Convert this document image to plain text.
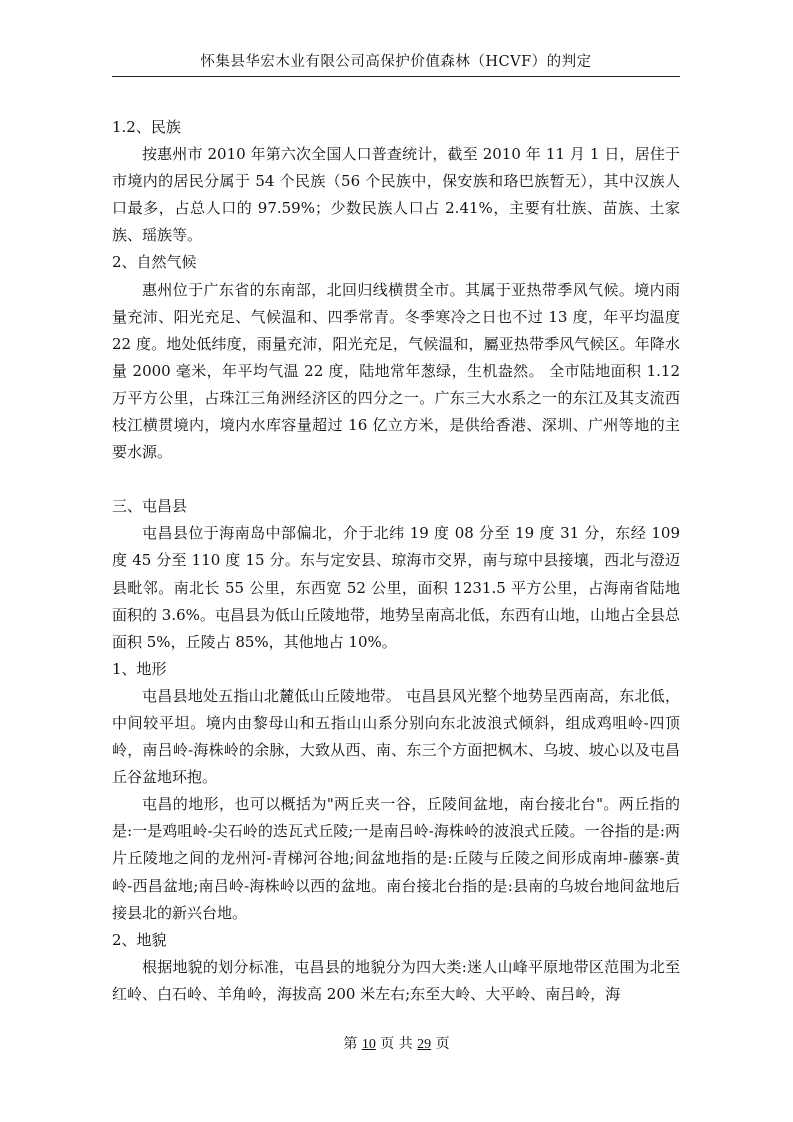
怀集县华宏木业有限公司高保护价值森林（HCVF）的判定

1.2、民族

按惠州市 2010 年第六次全国人口普查统计，截至 2010 年 11 月 1 日，居住于市境内的居民分属于 54 个民族（56 个民族中，保安族和珞巴族暂无），其中汉族人口最多，占总人口的 97.59%；少数民族人口占 2.41%，主要有壮族、苗族、土家族、瑶族等。

2、自然气候

惠州位于广东省的东南部，北回归线横贯全市。其属于亚热带季风气候。境内雨量充沛、阳光充足、气候温和、四季常青。冬季寒冷之日也不过 13 度，年平均温度 22 度。地处低纬度，雨量充沛，阳光充足，气候温和，屬亚热带季风气候区。年降水量 2000 毫米，年平均气温 22 度，陆地常年葱绿，生机盎然。 全市陆地面积 1.12 万平方公里，占珠江三角洲经济区的四分之一。广东三大水系之一的东江及其支流西枝江横贯境内，境内水库容量超过 16 亿立方米，是供给香港、深圳、广州等地的主要水源。

三、屯昌县

屯昌县位于海南岛中部偏北，介于北纬 19 度 08 分至 19 度 31 分，东经 109 度 45 分至 110 度 15 分。东与定安县、琼海市交界，南与琼中县接壤，西北与澄迈县毗邻。南北长 55 公里，东西宽 52 公里，面积 1231.5 平方公里，占海南省陆地面积的 3.6%。屯昌县为低山丘陵地带，地势呈南高北低，东西有山地，山地占全县总面积 5%，丘陵占 85%，其他地占 10%。

1、地形

屯昌县地处五指山北麓低山丘陵地带。 屯昌县风光整个地势呈西南高，东北低，中间较平坦。境内由黎母山和五指山山系分别向东北波浪式倾斜，组成鸡咀岭-四顶岭，南吕岭-海株岭的余脉，大致从西、南、东三个方面把枫木、乌坡、坡心以及屯昌丘谷盆地环抱。

屯昌的地形，也可以概括为"两丘夹一谷，丘陵间盆地，南台接北台"。两丘指的是:一是鸡咀岭-尖石岭的迭瓦式丘陵;一是南吕岭-海株岭的波浪式丘陵。一谷指的是:两片丘陵地之间的龙州河-青梯河谷地;间盆地指的是:丘陵与丘陵之间形成南坤-藤寨-黄岭-西昌盆地;南吕岭-海株岭以西的盆地。南台接北台指的是:县南的乌坡台地间盆地后接县北的新兴台地。

2、地貌

根据地貌的划分标准，屯昌县的地貌分为四大类:迷人山峰平原地带区范围为北至红岭、白石岭、羊角岭，海拔高 200 米左右;东至大岭、大平岭、南吕岭，海

第 10 页 共 29 页
